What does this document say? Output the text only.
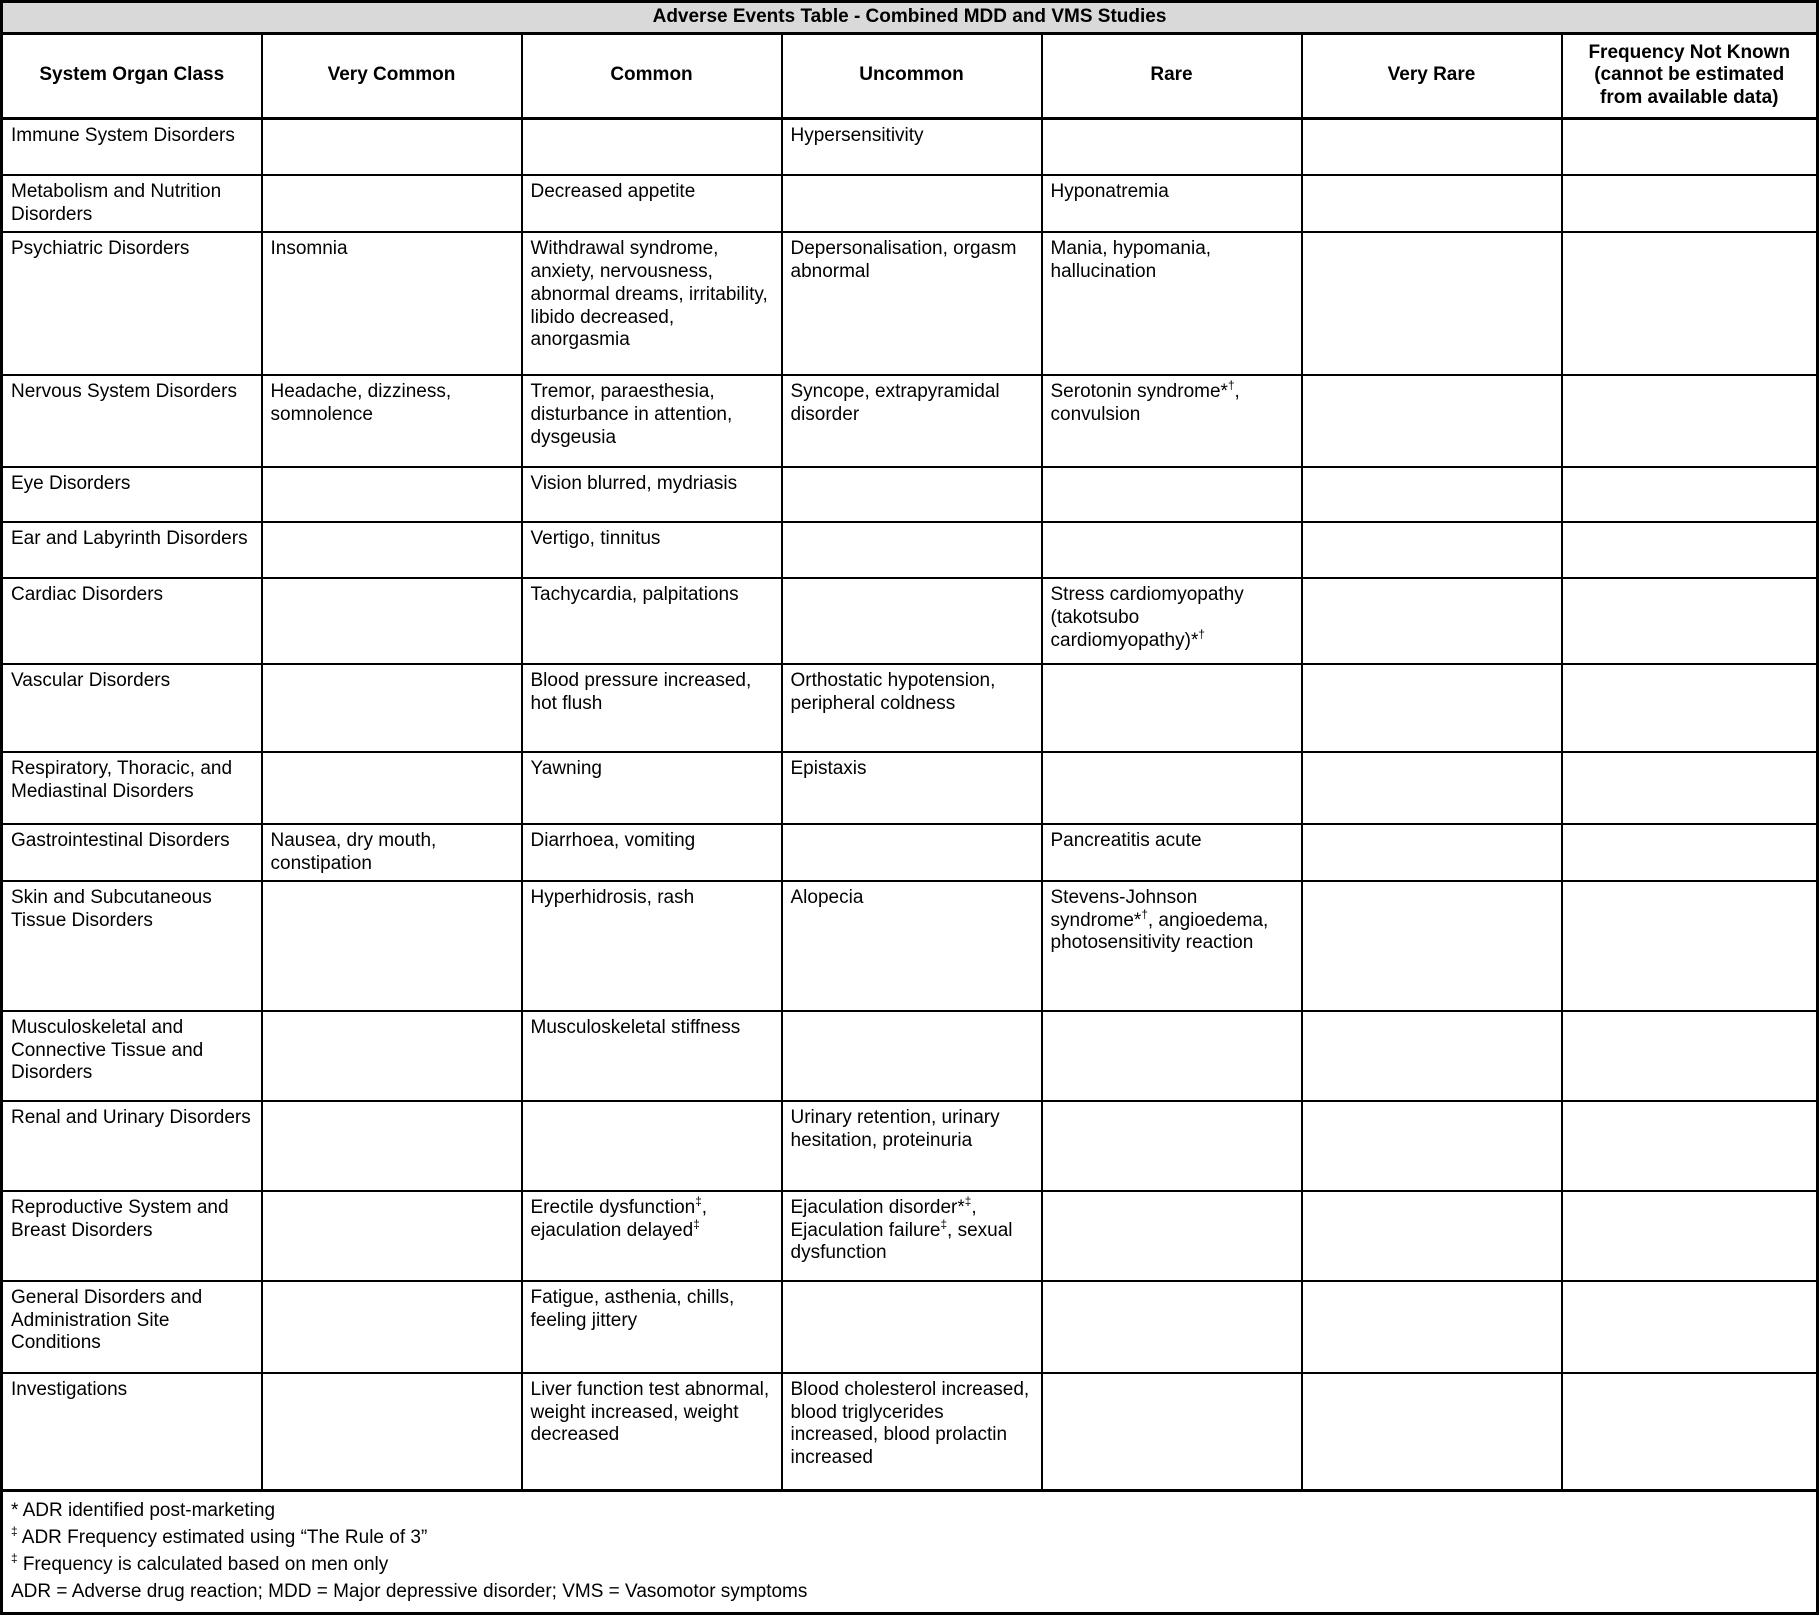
Adverse Events Table - Combined MDD and VMS Studies						
System Organ Class	Very Common	Common	Uncommon	Rare	Very Rare	Frequency Not Known (cannot be estimated from available data)
Immune System Disorders			Hypersensitivity			
Metabolism and Nutrition Disorders		Decreased appetite		Hyponatremia		
Psychiatric Disorders	Insomnia	Withdrawal syndrome, anxiety, nervousness, abnormal dreams, irritability, libido decreased, anorgasmia	Depersonalisation, orgasm abnormal	Mania, hypomania, hallucination		
Nervous System Disorders	Headache, dizziness, somnolence	Tremor, paraesthesia, disturbance in attention, dysgeusia	Syncope, extrapyramidal disorder	Serotonin syndrome*†, convulsion		
Eye Disorders		Vision blurred, mydriasis				
Ear and Labyrinth Disorders		Vertigo, tinnitus				
Cardiac Disorders		Tachycardia, palpitations		Stress cardiomyopathy (takotsubo cardiomyopathy)*†		
Vascular Disorders		Blood pressure increased, hot flush	Orthostatic hypotension, peripheral coldness			
Respiratory, Thoracic, and Mediastinal Disorders		Yawning	Epistaxis			
Gastrointestinal Disorders	Nausea, dry mouth, constipation	Diarrhoea, vomiting		Pancreatitis acute		
Skin and Subcutaneous Tissue Disorders		Hyperhidrosis, rash	Alopecia	Stevens-Johnson syndrome*†, angioedema, photosensitivity reaction		
Musculoskeletal and Connective Tissue and Disorders		Musculoskeletal stiffness				
Renal and Urinary Disorders			Urinary retention, urinary hesitation, proteinuria			
Reproductive System and Breast Disorders		Erectile dysfunction‡, ejaculation delayed‡	Ejaculation disorder*‡, Ejaculation failure‡, sexual dysfunction			
General Disorders and Administration Site Conditions		Fatigue, asthenia, chills, feeling jittery				
Investigations		Liver function test abnormal, weight increased, weight decreased	Blood cholesterol increased, blood triglycerides increased, blood prolactin increased			

* ADR identified post-marketing
‡ ADR Frequency estimated using “The Rule of 3”
‡ Frequency is calculated based on men only
ADR = Adverse drug reaction; MDD = Major depressive disorder; VMS = Vasomotor symptoms						
